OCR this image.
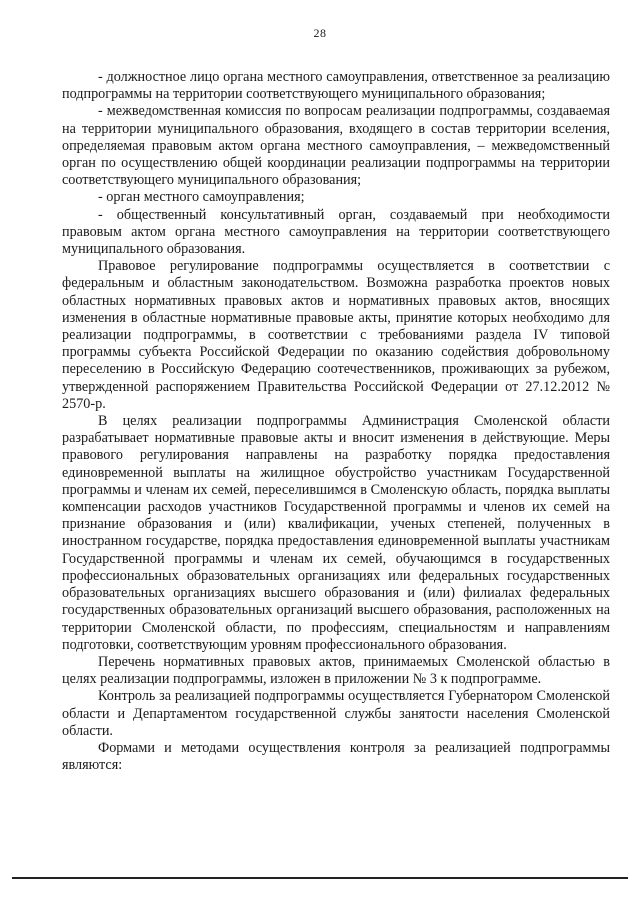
28

- должностное лицо органа местного самоуправления, ответственное за реализацию подпрограммы на территории соответствующего муниципального образования;

- межведомственная комиссия по вопросам реализации подпрограммы, создаваемая на территории муниципального образования, входящего в состав территории вселения, определяемая правовым актом органа местного самоуправления, – межведомственный орган по осуществлению общей координации реализации подпрограммы на территории соответствующего муниципального образования;

- орган местного самоуправления;

- общественный консультативный орган, создаваемый при необходимости правовым актом органа местного самоуправления на территории соответствующего муниципального образования.

Правовое регулирование подпрограммы осуществляется в соответствии с федеральным и областным законодательством. Возможна разработка проектов новых областных нормативных правовых актов и нормативных правовых актов, вносящих изменения в областные нормативные правовые акты, принятие которых необходимо для реализации подпрограммы, в соответствии с требованиями раздела IV типовой программы субъекта Российской Федерации по оказанию содействия добровольному переселению в Российскую Федерацию соотечественников, проживающих за рубежом, утвержденной распоряжением Правительства Российской Федерации от 27.12.2012 № 2570-р.

В целях реализации подпрограммы Администрация Смоленской области разрабатывает нормативные правовые акты и вносит изменения в действующие. Меры правового регулирования направлены на разработку порядка предоставления единовременной выплаты на жилищное обустройство участникам Государственной программы и членам их семей, переселившимся в Смоленскую область, порядка выплаты компенсации расходов участников Государственной программы и членов их семей на признание образования и (или) квалификации, ученых степеней, полученных в иностранном государстве, порядка предоставления единовременной выплаты участникам Государственной программы и членам их семей, обучающимся в государственных профессиональных образовательных организациях или федеральных государственных образовательных организациях высшего образования и (или) филиалах федеральных государственных образовательных организаций высшего образования, расположенных на территории Смоленской области, по профессиям, специальностям и направлениям подготовки, соответствующим уровням профессионального образования.

Перечень нормативных правовых актов, принимаемых Смоленской областью в целях реализации подпрограммы, изложен в приложении № 3 к подпрограмме.

Контроль за реализацией подпрограммы осуществляется Губернатором Смоленской области и Департаментом государственной службы занятости населения Смоленской области.

Формами и методами осуществления контроля за реализацией подпрограммы являются:
